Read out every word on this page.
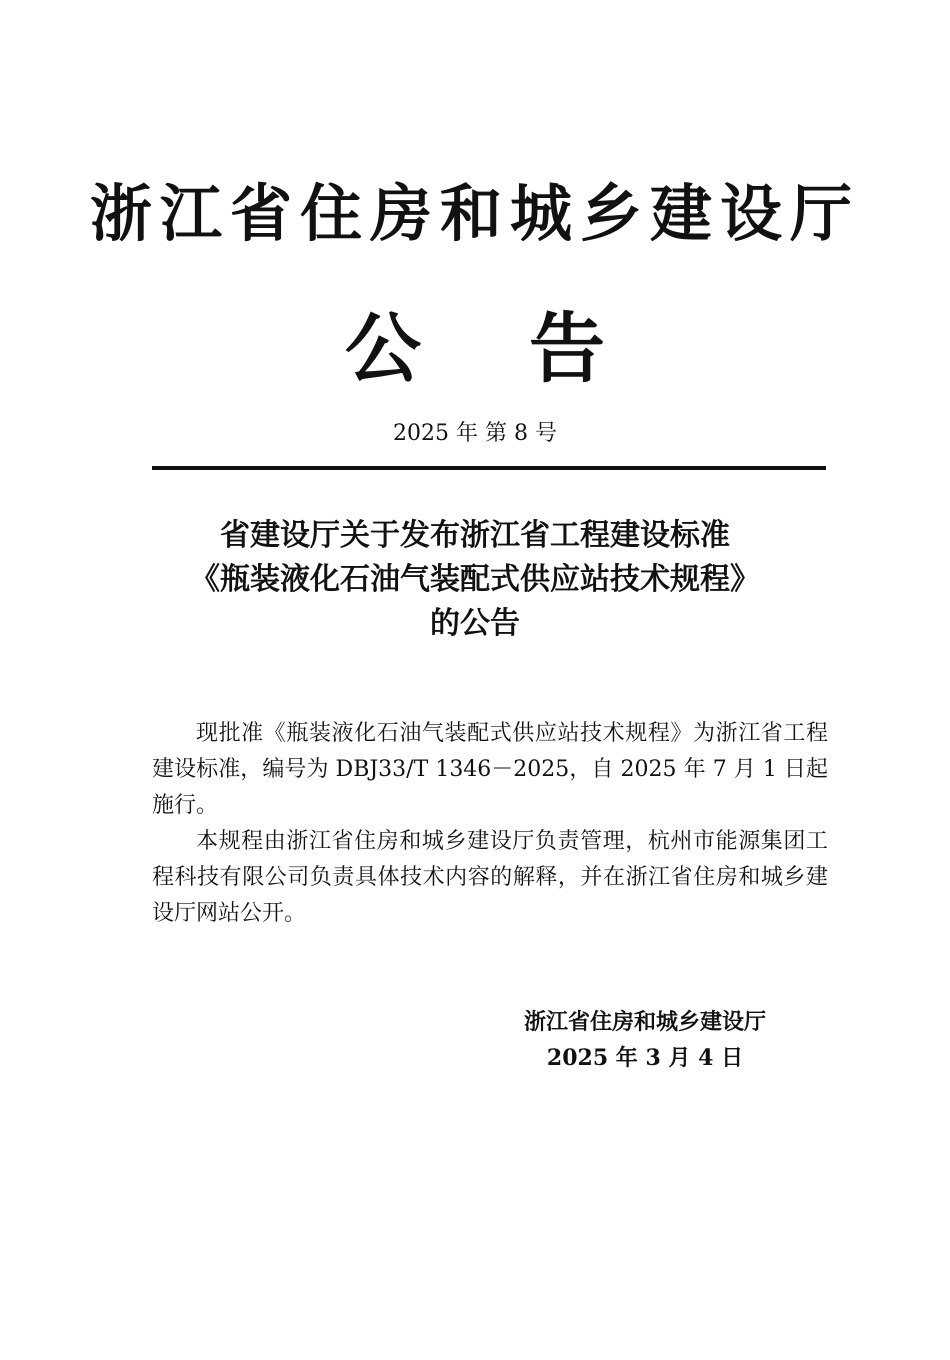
浙江省住房和城乡建设厅
公 告
2025 年 第 8 号
省建设厅关于发布浙江省工程建设标准
《瓶装液化石油气装配式供应站技术规程》
的公告

现批准《瓶装液化石油气装配式供应站技术规程》为浙江省工程建设标准，编号为 DBJ33/T 1346－2025，自 2025 年 7 月 1 日起施行。

本规程由浙江省住房和城乡建设厅负责管理，杭州市能源集团工程科技有限公司负责具体技术内容的解释，并在浙江省住房和城乡建设厅网站公开。

浙江省住房和城乡建设厅
2025 年 3 月 4 日
